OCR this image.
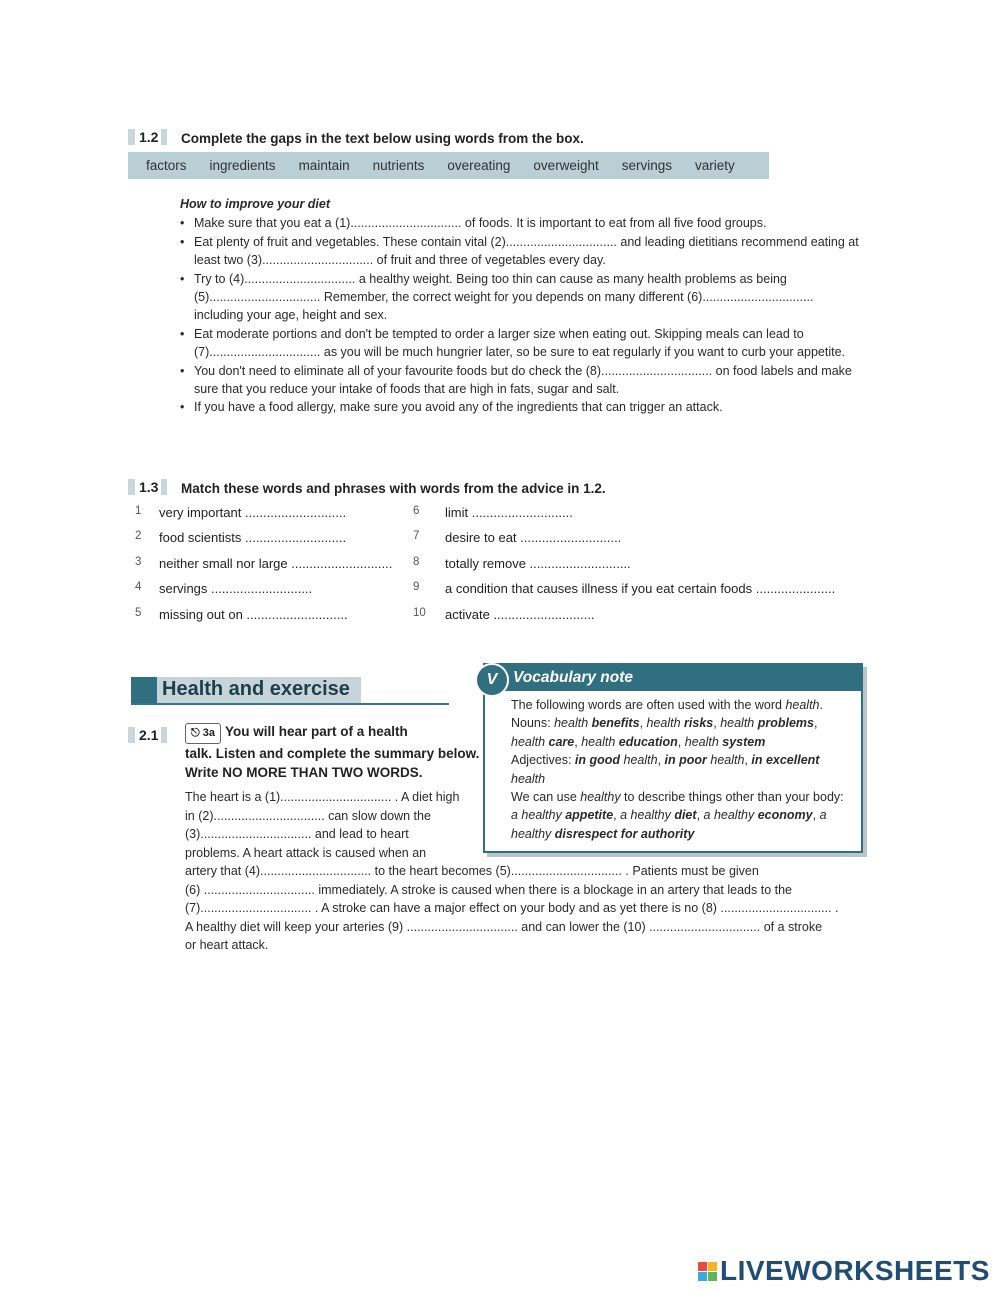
1.2	Complete the gaps in the text below using words from the box.
factors ingredients maintain nutrients overeating overweight servings variety
How to improve your diet
• Make sure that you eat a (1)................................ of foods. It is important to eat from all five food groups.
• Eat plenty of fruit and vegetables. These contain vital (2)................................ and leading dietitians recommend eating at least two (3)................................ of fruit and three of vegetables every day.
• Try to (4)................................ a healthy weight. Being too thin can cause as many health problems as being (5)................................ Remember, the correct weight for you depends on many different (6)................................ including your age, height and sex.
• Eat moderate portions and don't be tempted to order a larger size when eating out. Skipping meals can lead to (7)................................ as you will be much hungrier later, so be sure to eat regularly if you want to curb your appetite.
• You don't need to eliminate all of your favourite foods but do check the (8)................................ on food labels and make sure that you reduce your intake of foods that are high in fats, sugar and salt.
• If you have a food allergy, make sure you avoid any of the ingredients that can trigger an attack.
1.3	Match these words and phrases with words from the advice in 1.2.
1	very important ............................
2	food scientists ............................
3	neither small nor large ............................
4	servings ............................
5	missing out on ............................
6	limit ............................
7	desire to eat ............................
8	totally remove ............................
9	a condition that causes illness if you eat certain foods ......................
10	activate ............................
Health and exercise
2.1	⎋ 3a You will hear part of a health
talk. Listen and complete the summary below.
Write NO MORE THAN TWO WORDS.
The heart is a (1)................................ . A diet high
in (2)................................ can slow down the
(3)................................ and lead to heart
problems. A heart attack is caused when an
artery that (4)................................ to the heart becomes (5)................................ . Patients must be given
(6) ................................ immediately. A stroke is caused when there is a blockage in an artery that leads to the
(7)................................ . A stroke can have a major effect on your body and as yet there is no (8) ................................ .
A healthy diet will keep your arteries (9) ................................ and can lower the (10) ................................ of a stroke
or heart attack.
Vocabulary note
The following words are often used with the word health.
Nouns: health benefits, health risks, health problems, health care, health education, health system
Adjectives: in good health, in poor health, in excellent health
We can use healthy to describe things other than your body: a healthy appetite, a healthy diet, a healthy economy, a healthy disrespect for authority
V
LIVEWORKSHEETS
